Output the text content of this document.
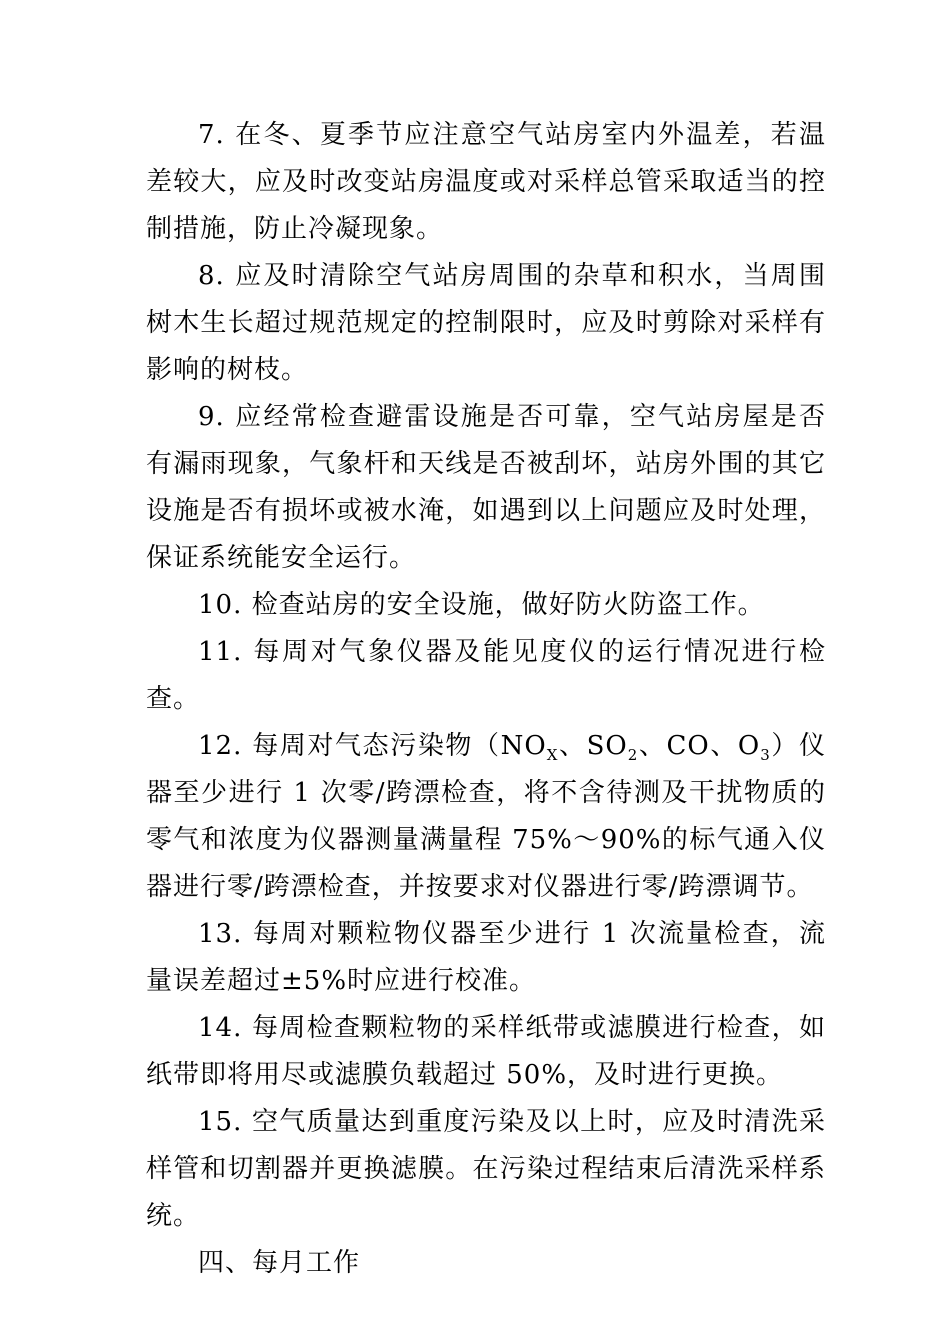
7. 在冬、夏季节应注意空气站房室内外温差，若温差较大，应及时改变站房温度或对采样总管采取适当的控制措施，防止冷凝现象。

8. 应及时清除空气站房周围的杂草和积水，当周围树木生长超过规范规定的控制限时，应及时剪除对采样有影响的树枝。

9. 应经常检查避雷设施是否可靠，空气站房屋是否有漏雨现象，气象杆和天线是否被刮坏，站房外围的其它设施是否有损坏或被水淹，如遇到以上问题应及时处理，保证系统能安全运行。

10. 检查站房的安全设施，做好防火防盗工作。

11. 每周对气象仪器及能见度仪的运行情况进行检查。

12. 每周对气态污染物（$NO_X$、$SO_2$、CO、$O_3$）仪器至少进行 1 次零/跨漂检查，将不含待测及干扰物质的零气和浓度为仪器测量满量程 75%～90%的标气通入仪器进行零/跨漂检查，并按要求对仪器进行零/跨漂调节。

13. 每周对颗粒物仪器至少进行 1 次流量检查，流量误差超过±5%时应进行校准。

14. 每周检查颗粒物的采样纸带或滤膜进行检查，如纸带即将用尽或滤膜负载超过 50%，及时进行更换。

15. 空气质量达到重度污染及以上时，应及时清洗采样管和切割器并更换滤膜。在污染过程结束后清洗采样系统。

四、每月工作
